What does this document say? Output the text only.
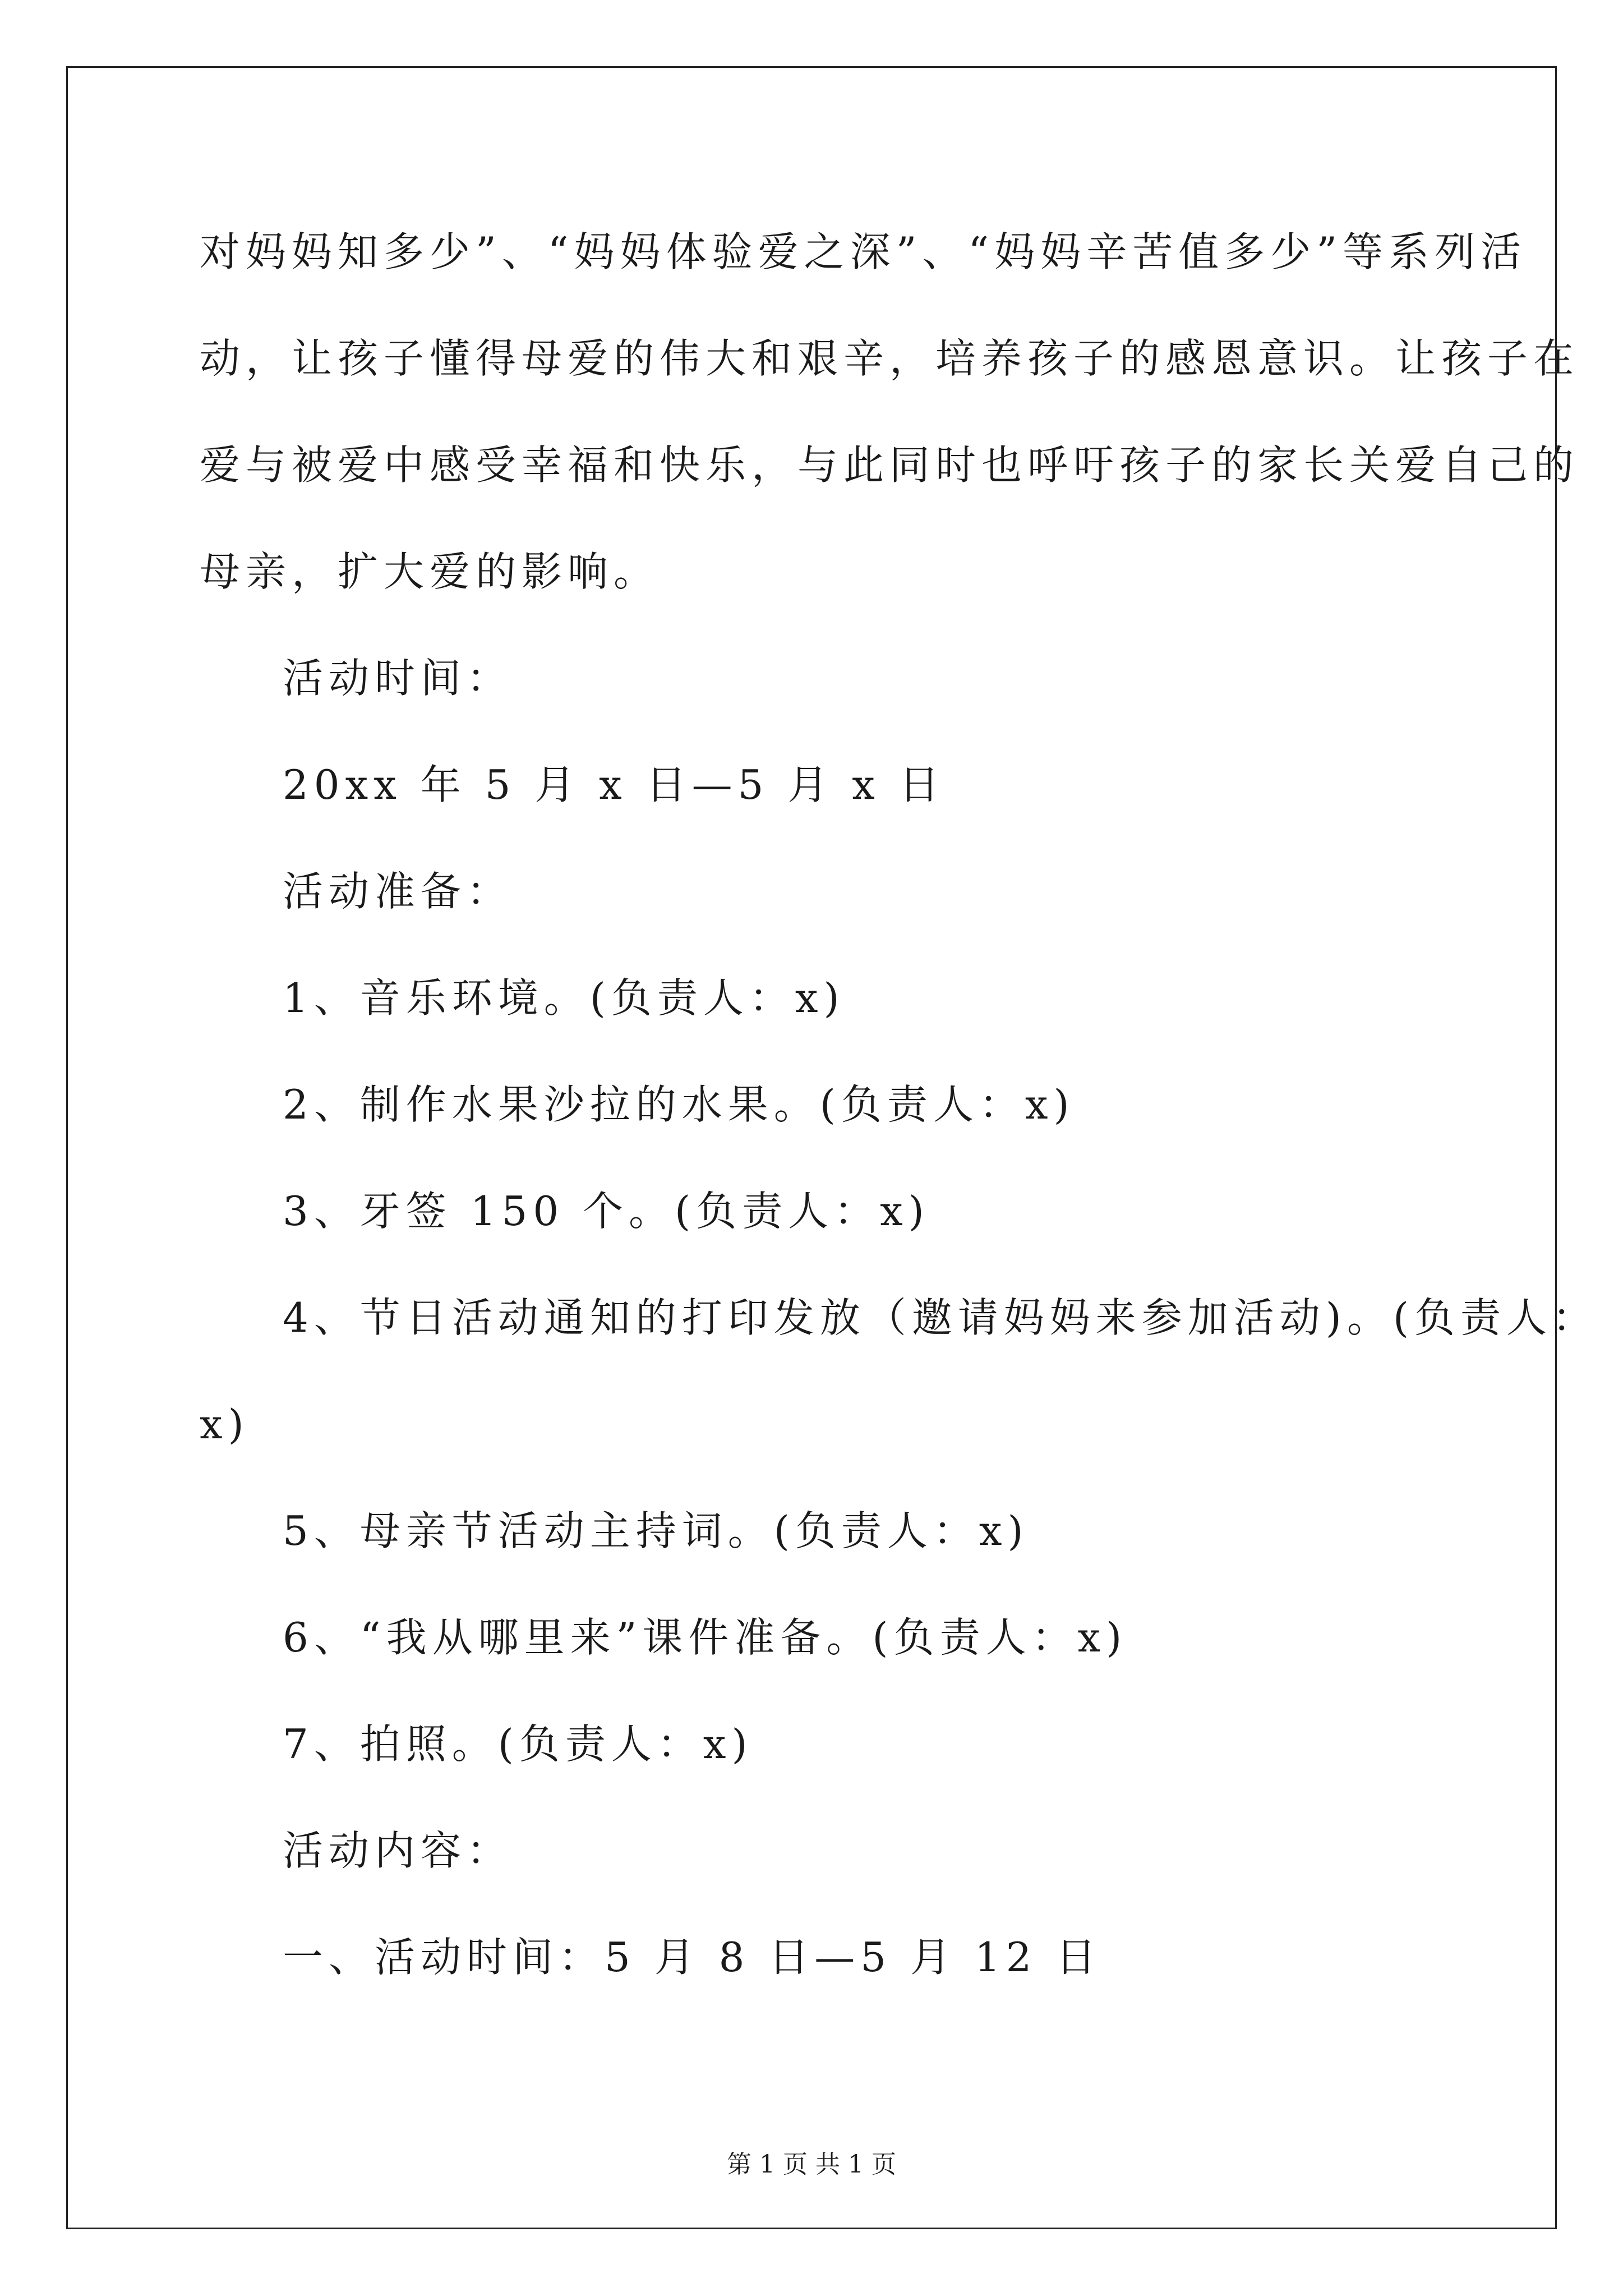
对妈妈知多少”、“妈妈体验爱之深”、“妈妈辛苦值多少”等系列活
动，让孩子懂得母爱的伟大和艰辛，培养孩子的感恩意识。让孩子在
爱与被爱中感受幸福和快乐，与此同时也呼吁孩子的家长关爱自己的
母亲，扩大爱的影响。
活动时间：
20xx 年 5 月 x 日—5 月 x 日
活动准备：
1、音乐环境。(负责人：x)
2、制作水果沙拉的水果。(负责人：x)
3、牙签 150 个。(负责人：x)
4、节日活动通知的打印发放（邀请妈妈来参加活动)。(负责人：
x)
5、母亲节活动主持词。(负责人：x)
6、“我从哪里来”课件准备。(负责人：x)
7、拍照。(负责人：x)
活动内容：
一、活动时间：5 月 8 日—5 月 12 日
第 1 页 共 1 页
